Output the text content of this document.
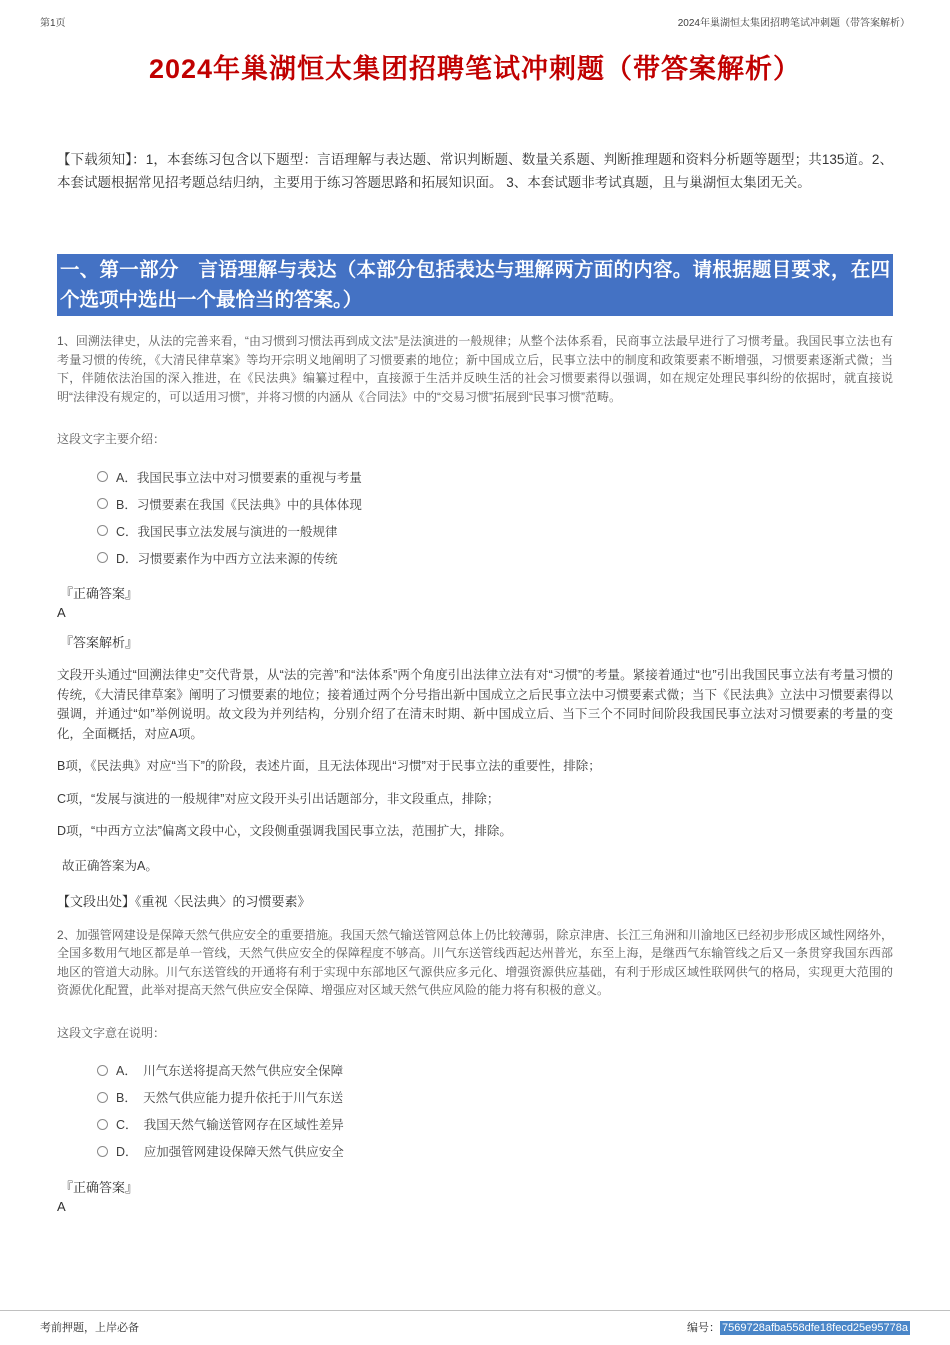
第1页	2024年巢湖恒太集团招聘笔试冲刺题（带答案解析）
2024年巢湖恒太集团招聘笔试冲刺题（带答案解析）

【下载须知】：1，本套练习包含以下题型：言语理解与表达题、常识判断题、数量关系题、判断推理题和资料分析题等题型；共135道。2、本套试题根据常见招考题总结归纳，主要用于练习答题思路和拓展知识面。 3、本套试题非考试真题，且与巢湖恒太集团无关。

一、第一部分　言语理解与表达（本部分包括表达与理解两方面的内容。请根据题目要求，在四个选项中选出一个最恰当的答案。）

1、回溯法律史，从法的完善来看，“由习惯到习惯法再到成文法”是法演进的一般规律；从整个法体系看，民商事立法最早进行了习惯考量。我国民事立法也有考量习惯的传统，《大清民律草案》等均开宗明义地阐明了习惯要素的地位；新中国成立后，民事立法中的制度和政策要素不断增强，习惯要素逐渐式微；当下，伴随依法治国的深入推进，在《民法典》编纂过程中，直接源于生活并反映生活的社会习惯要素得以强调，如在规定处理民事纠纷的依据时，就直接说明“法律没有规定的，可以适用习惯”，并将习惯的内涵从《合同法》中的“交易习惯”拓展到“民事习惯”范畴。

这段文字主要介绍：

A．我国民事立法中对习惯要素的重视与考量
B．习惯要素在我国《民法典》中的具体体现
C．我国民事立法发展与演进的一般规律
D．习惯要素作为中西方立法来源的传统

『正确答案』

A

『答案解析』

文段开头通过“回溯法律史”交代背景，从“法的完善”和“法体系”两个角度引出法律立法有对“习惯”的考量。紧接着通过“也”引出我国民事立法有考量习惯的传统，《大清民律草案》阐明了习惯要素的地位；接着通过两个分号指出新中国成立之后民事立法中习惯要素式微；当下《民法典》立法中习惯要素得以强调，并通过“如”举例说明。故文段为并列结构，分别介绍了在清末时期、新中国成立后、当下三个不同时间阶段我国民事立法对习惯要素的考量的变化，全面概括，对应A项。

B项，《民法典》对应“当下”的阶段，表述片面，且无法体现出“习惯”对于民事立法的重要性，排除；

C项，“发展与演进的一般规律”对应文段开头引出话题部分，非文段重点，排除；

D项，“中西方立法”偏离文段中心，文段侧重强调我国民事立法，范围扩大，排除。

故正确答案为A。

【文段出处】《重视〈民法典〉的习惯要素》

2、加强管网建设是保障天然气供应安全的重要措施。我国天然气输送管网总体上仍比较薄弱，除京津唐、长江三角洲和川渝地区已经初步形成区域性网络外，全国多数用气地区都是单一管线，天然气供应安全的保障程度不够高。川气东送管线西起达州普光，东至上海，是继西气东输管线之后又一条贯穿我国东西部地区的管道大动脉。川气东送管线的开通将有利于实现中东部地区气源供应多元化、增强资源供应基础，有利于形成区域性联网供气的格局，实现更大范围的资源优化配置，此举对提高天然气供应安全保障、增强应对区域天然气供应风险的能力将有积极的意义。

这段文字意在说明：

A．　川气东送将提高天然气供应安全保障
B．　天然气供应能力提升依托于川气东送
C．　我国天然气输送管网存在区域性差异
D．　应加强管网建设保障天然气供应安全

『正确答案』

A

考前押题，上岸必备	编号： 7569728afba558dfe18fecd25e95778a
